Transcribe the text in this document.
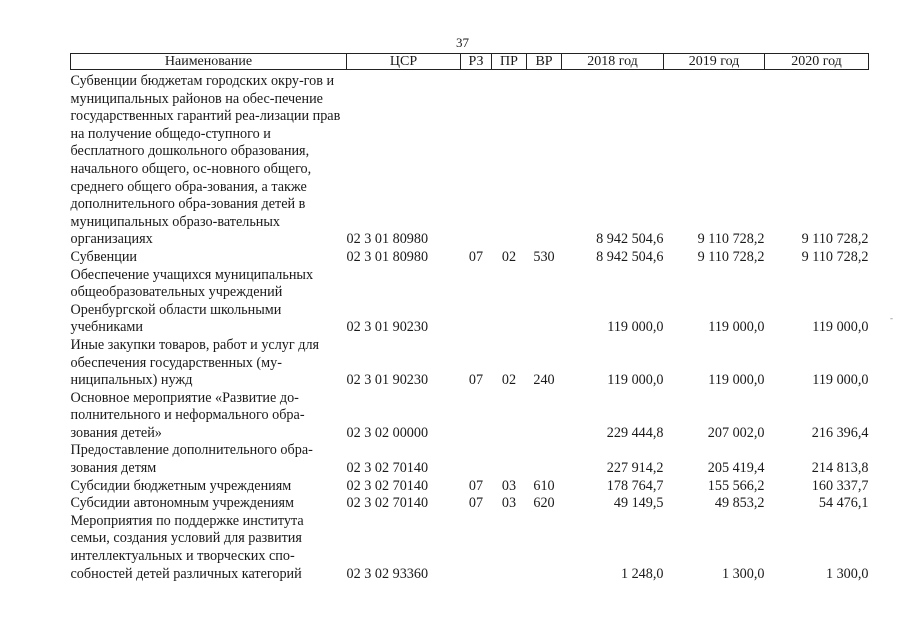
37
Наименование	ЦСР	РЗ	ПР	ВР	2018 год	2019 год	2020 год
Субвенции бюджетам городских окру-гов и муниципальных районов на обес-печение государственных гарантий реа-лизации прав на получение общедо-ступного и бесплатного дошкольного образования, начального общего, ос-новного общего, среднего общего обра-зования, а также дополнительного обра-зования детей в муниципальных образо-вательных организациях	02 3 01 80980				8 942 504,6	9 110 728,2	9 110 728,2
Субвенции	02 3 01 80980	07	02	530	8 942 504,6	9 110 728,2	9 110 728,2
Обеспечение учащихся муниципальных общеобразовательных учреждений Оренбургской области школьными учебниками	02 3 01 90230				119 000,0	119 000,0	119 000,0
Иные закупки товаров, работ и услуг для обеспечения государственных (му-ниципальных) нужд	02 3 01 90230	07	02	240	119 000,0	119 000,0	119 000,0
Основное мероприятие «Развитие до-полнительного и неформального обра-зования детей»	02 3 02 00000				229 444,8	207 002,0	216 396,4
Предоставление дополнительного обра-зования детям	02 3 02 70140				227 914,2	205 419,4	214 813,8
Субсидии бюджетным учреждениям	02 3 02 70140	07	03	610	178 764,7	155 566,2	160 337,7
Субсидии автономным учреждениям	02 3 02 70140	07	03	620	49 149,5	49 853,2	54 476,1
Мероприятия по поддержке института семьи, создания условий для развития интеллектуальных и творческих спо-собностей детей различных категорий	02 3 02 93360				1 248,0	1 300,0	1 300,0
-
